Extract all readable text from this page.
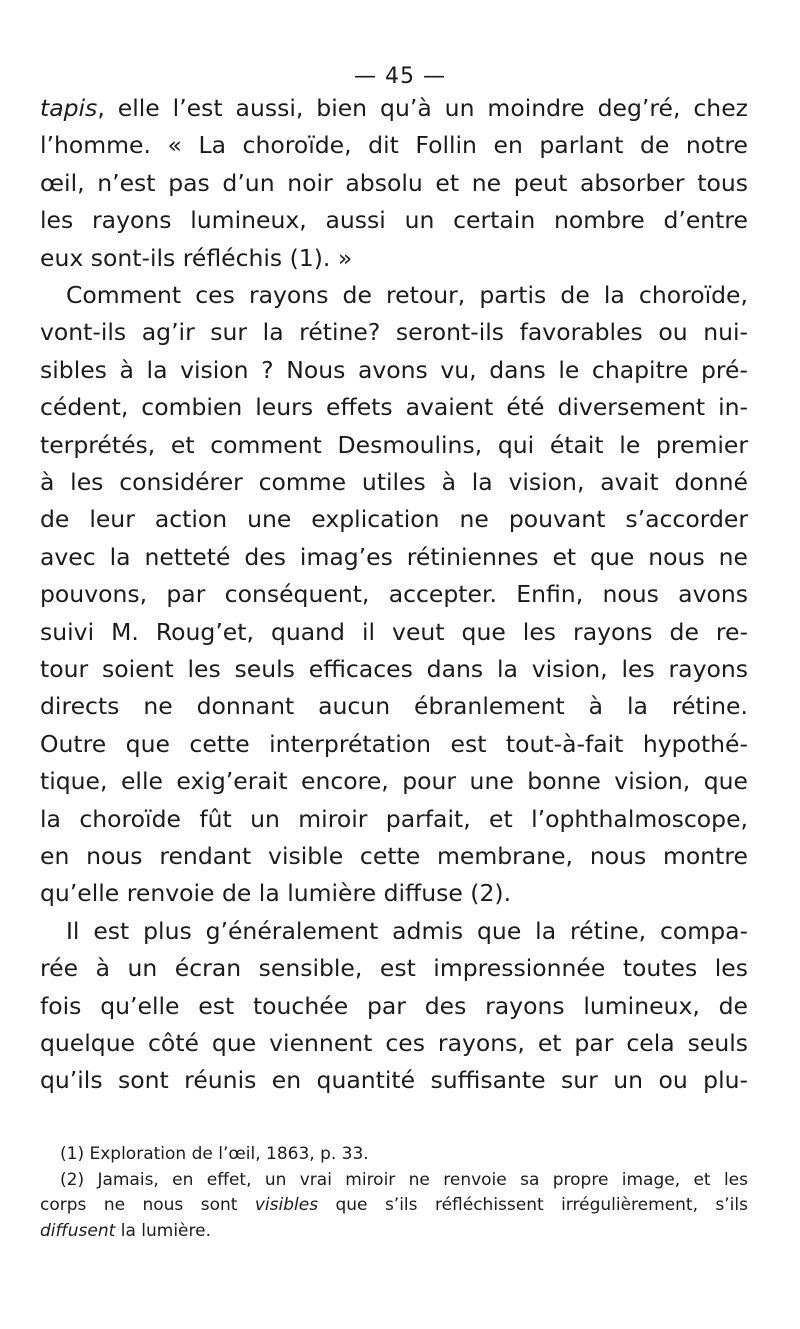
— 45 —
tapis, elle l’est aussi, bien qu’à un moindre deg’ré, chez
l’homme. « La choroïde, dit Follin en parlant de notre
œil, n’est pas d’un noir absolu et ne peut absorber tous
les rayons lumineux, aussi un certain nombre d’entre
eux sont-ils réfléchis (1). »
Comment ces rayons de retour, partis de la choroïde,
vont-ils ag’ir sur la rétine? seront-ils favorables ou nui-
sibles à la vision ? Nous avons vu, dans le chapitre pré-
cédent, combien leurs effets avaient été diversement in-
terprétés, et comment Desmoulins, qui était le premier
à les considérer comme utiles à la vision, avait donné
de leur action une explication ne pouvant s’accorder
avec la netteté des imag’es rétiniennes et que nous ne
pouvons, par conséquent, accepter. Enfin, nous avons
suivi M. Roug’et, quand il veut que les rayons de re-
tour soient les seuls efficaces dans la vision, les rayons
directs ne donnant aucun ébranlement à la rétine.
Outre que cette interprétation est tout-à-fait hypothé-
tique, elle exig’erait encore, pour une bonne vision, que
la choroïde fût un miroir parfait, et l’ophthalmoscope,
en nous rendant visible cette membrane, nous montre
qu’elle renvoie de la lumière diffuse (2).
Il est plus g’énéralement admis que la rétine, compa-
rée à un écran sensible, est impressionnée toutes les
fois qu’elle est touchée par des rayons lumineux, de
quelque côté que viennent ces rayons, et par cela seuls
qu’ils sont réunis en quantité suffisante sur un ou plu-
(1) Exploration de l’œil, 1863, p. 33.
(2) Jamais, en effet, un vrai miroir ne renvoie sa propre image, et les
corps ne nous sont visibles que s’ils réfléchissent irrégulièrement, s’ils
diffusent la lumière.
